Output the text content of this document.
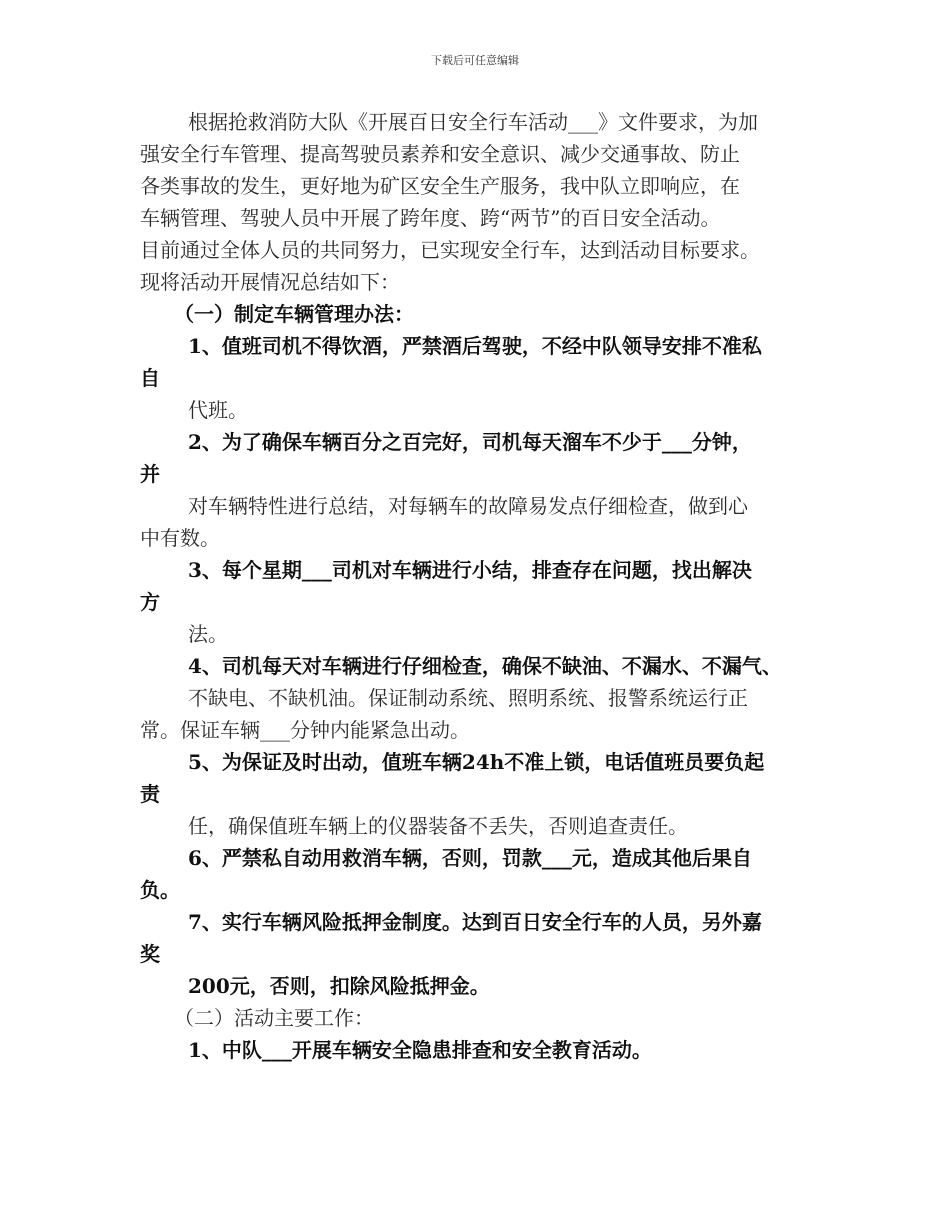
下载后可任意编辑
根据抢救消防大队《开展百日安全行车活动___》文件要求，为加
强安全行车管理、提高驾驶员素养和安全意识、减少交通事故、防止
各类事故的发生，更好地为矿区安全生产服务，我中队立即响应，在
车辆管理、驾驶人员中开展了跨年度、跨“两节”的百日安全活动。
目前通过全体人员的共同努力，已实现安全行车，达到活动目标要求。
现将活动开展情况总结如下：
（一）制定车辆管理办法：
1、值班司机不得饮酒，严禁酒后驾驶，不经中队领导安排不准私
自
代班。
2、为了确保车辆百分之百完好，司机每天溜车不少于___分钟，
并
对车辆特性进行总结，对每辆车的故障易发点仔细检查，做到心
中有数。
3、每个星期___司机对车辆进行小结，排查存在问题，找出解决
方
法。
4、司机每天对车辆进行仔细检查，确保不缺油、不漏水、不漏气、
不缺电、不缺机油。保证制动系统、照明系统、报警系统运行正
常。保证车辆___分钟内能紧急出动。
5、为保证及时出动，值班车辆24h不准上锁，电话值班员要负起
责
任，确保值班车辆上的仪器装备不丢失，否则追查责任。
6、严禁私自动用救消车辆，否则，罚款___元，造成其他后果自
负。
7、实行车辆风险抵押金制度。达到百日安全行车的人员，另外嘉
奖
200元，否则，扣除风险抵押金。
（二）活动主要工作：
1、中队___开展车辆安全隐患排查和安全教育活动。
